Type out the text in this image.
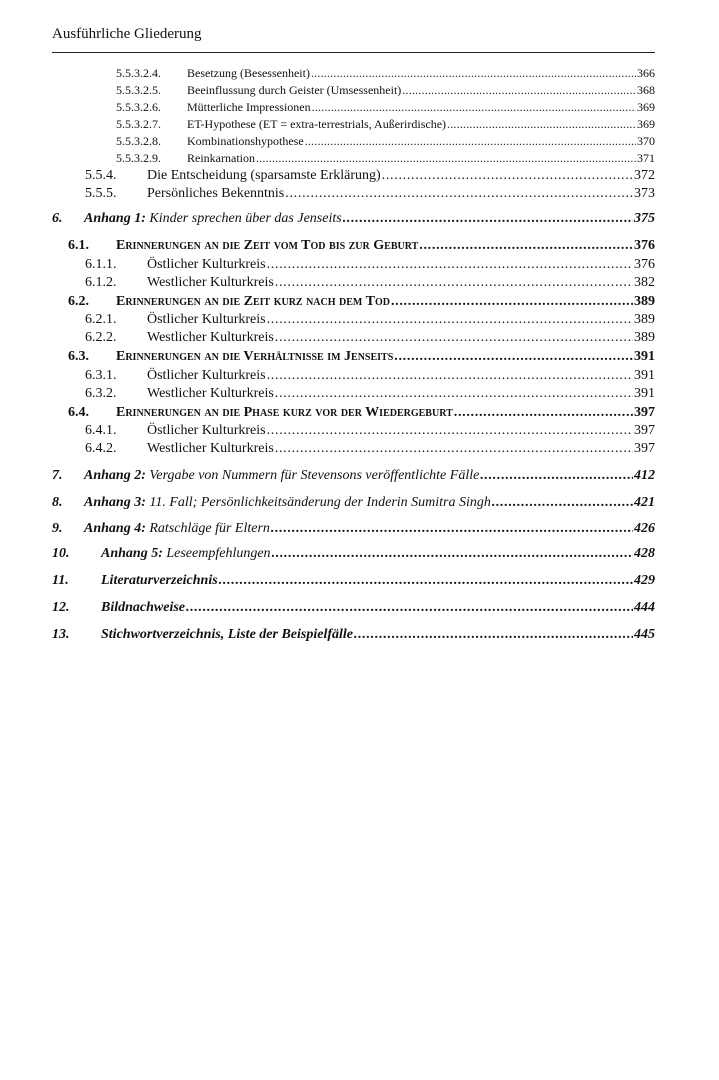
Ausführliche Gliederung
5.5.3.2.4. Besetzung (Besessenheit) . . .	366
5.5.3.2.5. Beeinflussung durch Geister (Umsessenheit) . . .	368
5.5.3.2.6. Mütterliche Impressionen . . .	369
5.5.3.2.7. ET-Hypothese (ET = extra-terrestrials, Außerirdische) . . .	369
5.5.3.2.8. Kombinationshypothese . . .	370
5.5.3.2.9. Reinkarnation . . .	371
5.5.4. Die Entscheidung (sparsamste Erklärung) . . .	372
5.5.5. Persönliches Bekenntnis . . .	373
6. Anhang 1: Kinder sprechen über das Jenseits . . .	375
6.1. Erinnerungen an die Zeit vom Tod bis zur Geburt . . .	376
6.1.1. Östlicher Kulturkreis . . .	376
6.1.2. Westlicher Kulturkreis . . .	382
6.2. Erinnerungen an die Zeit kurz nach dem Tod . . .	389
6.2.1. Östlicher Kulturkreis . . .	389
6.2.2. Westlicher Kulturkreis . . .	389
6.3. Erinnerungen an die Verhältnisse im Jenseits . . .	391
6.3.1. Östlicher Kulturkreis . . .	391
6.3.2. Westlicher Kulturkreis . . .	391
6.4. Erinnerungen an die Phase kurz vor der Wiedergeburt . . .	397
6.4.1. Östlicher Kulturkreis . . .	397
6.4.2. Westlicher Kulturkreis . . .	397
7. Anhang 2: Vergabe von Nummern für Stevensons veröffentlichte Fälle . . .	412
8. Anhang 3: 11. Fall; Persönlichkeitsänderung der Inderin Sumitra Singh . . .	421
9. Anhang 4: Ratschläge für Eltern . . .	426
10. Anhang 5: Leseempfehlungen . . .	428
11. Literaturverzeichnis . . .	429
12. Bildnachweise . . .	444
13. Stichwortverzeichnis, Liste der Beispielfälle . . .	445
